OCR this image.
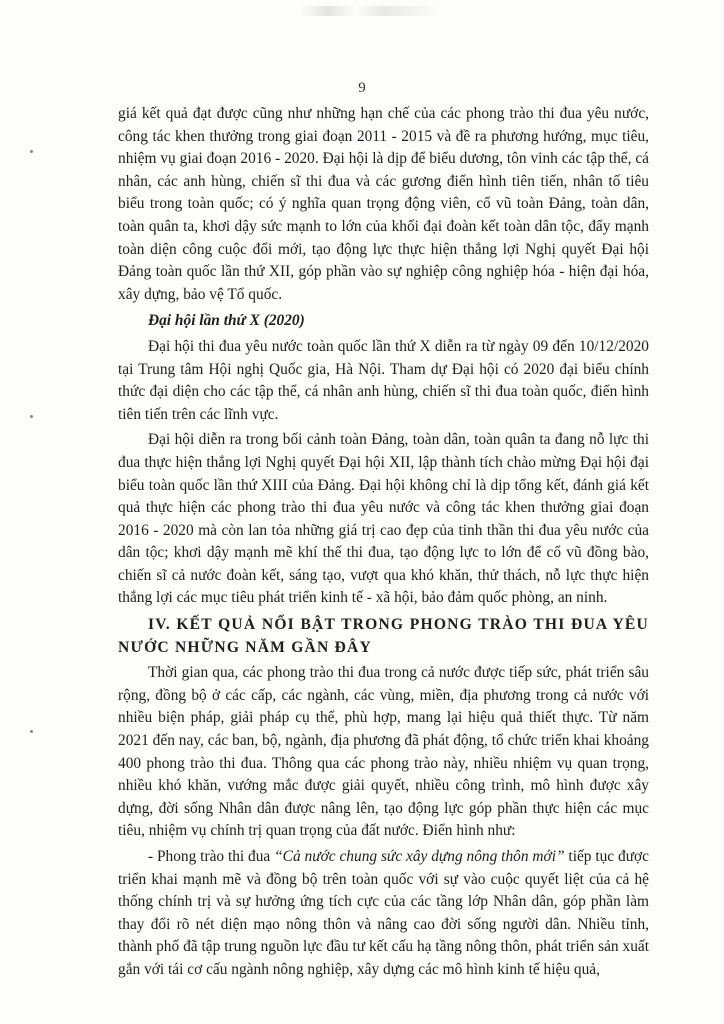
9

giá kết quả đạt được cũng như những hạn chế của các phong trào thi đua yêu nước, công tác khen thưởng trong giai đoạn 2011 - 2015 và đề ra phương hướng, mục tiêu, nhiệm vụ giai đoạn 2016 - 2020. Đại hội là dịp để biểu dương, tôn vinh các tập thể, cá nhân, các anh hùng, chiến sĩ thi đua và các gương điển hình tiên tiến, nhân tố tiêu biểu trong toàn quốc; có ý nghĩa quan trọng động viên, cổ vũ toàn Đảng, toàn dân, toàn quân ta, khơi dậy sức mạnh to lớn của khối đại đoàn kết toàn dân tộc, đẩy mạnh toàn diện công cuộc đổi mới, tạo động lực thực hiện thắng lợi Nghị quyết Đại hội Đảng toàn quốc lần thứ XII, góp phần vào sự nghiệp công nghiệp hóa - hiện đại hóa, xây dựng, bảo vệ Tổ quốc.

Đại hội lần thứ X (2020)

Đại hội thi đua yêu nước toàn quốc lần thứ X diễn ra từ ngày 09 đến 10/12/2020 tại Trung tâm Hội nghị Quốc gia, Hà Nội. Tham dự Đại hội có 2020 đại biểu chính thức đại diện cho các tập thể, cá nhân anh hùng, chiến sĩ thi đua toàn quốc, điển hình tiên tiến trên các lĩnh vực.

Đại hội diễn ra trong bối cảnh toàn Đảng, toàn dân, toàn quân ta đang nỗ lực thi đua thực hiện thắng lợi Nghị quyết Đại hội XII, lập thành tích chào mừng Đại hội đại biểu toàn quốc lần thứ XIII của Đảng. Đại hội không chỉ là dịp tổng kết, đánh giá kết quả thực hiện các phong trào thi đua yêu nước và công tác khen thưởng giai đoạn 2016 - 2020 mà còn lan tỏa những giá trị cao đẹp của tinh thần thi đua yêu nước của dân tộc; khơi dậy mạnh mẽ khí thế thi đua, tạo động lực to lớn để cổ vũ đồng bào, chiến sĩ cả nước đoàn kết, sáng tạo, vượt qua khó khăn, thử thách, nỗ lực thực hiện thắng lợi các mục tiêu phát triển kinh tế - xã hội, bảo đảm quốc phòng, an ninh.

IV. KẾT QUẢ NỔI BẬT TRONG PHONG TRÀO THI ĐUA YÊU NƯỚC NHỮNG NĂM GẦN ĐÂY

Thời gian qua, các phong trào thi đua trong cả nước được tiếp sức, phát triển sâu rộng, đồng bộ ở các cấp, các ngành, các vùng, miền, địa phương trong cả nước với nhiều biện pháp, giải pháp cụ thể, phù hợp, mang lại hiệu quả thiết thực. Từ năm 2021 đến nay, các ban, bộ, ngành, địa phương đã phát động, tổ chức triển khai khoảng 400 phong trào thi đua. Thông qua các phong trào này, nhiều nhiệm vụ quan trọng, nhiều khó khăn, vướng mắc được giải quyết, nhiều công trình, mô hình được xây dựng, đời sống Nhân dân được nâng lên, tạo động lực góp phần thực hiện các mục tiêu, nhiệm vụ chính trị quan trọng của đất nước. Điển hình như:

- Phong trào thi đua “Cả nước chung sức xây dựng nông thôn mới” tiếp tục được triển khai mạnh mẽ và đồng bộ trên toàn quốc với sự vào cuộc quyết liệt của cả hệ thống chính trị và sự hưởng ứng tích cực của các tầng lớp Nhân dân, góp phần làm thay đổi rõ nét diện mạo nông thôn và nâng cao đời sống người dân. Nhiều tỉnh, thành phố đã tập trung nguồn lực đầu tư kết cấu hạ tầng nông thôn, phát triển sản xuất gắn với tái cơ cấu ngành nông nghiệp, xây dựng các mô hình kinh tế hiệu quả,
